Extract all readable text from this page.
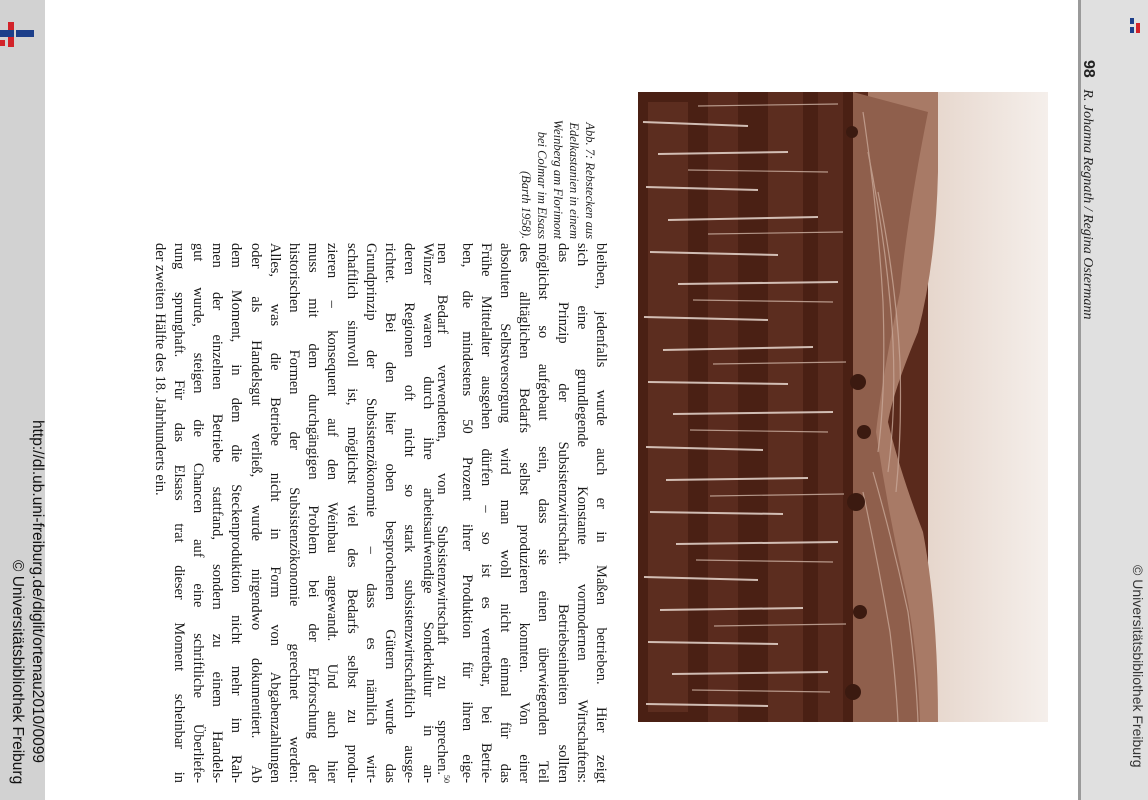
98 R. Johanna Regnath / Regina Ostermann
Abb. 7: Rebstecken aus
Edelkastanien in einem
Weinberg am Florimont
bei Colmar im Elsass
(Barth 1958).
bleiben, jedenfalls wurde auch er in Maßen betrieben. Hier zeigt
sich eine grundlegende Konstante vormodernen Wirtschaftens:
das Prinzip der Subsistenzwirtschaft. Betriebseinheiten sollten
möglichst so aufgebaut sein, dass sie einen überwiegenden Teil
des alltäglichen Bedarfs selbst produzieren konnten. Von einer
absoluten Selbstversorgung wird man wohl nicht einmal für das
Frühe Mittelalter ausgehen dürfen – so ist es vertretbar, bei Betrie-
ben, die mindestens 50 Prozent ihrer Produktion für ihren eige-
nen Bedarf verwendeten, von Subsistenzwirtschaft zu sprechen.$^{50}$
Winzer waren durch ihre arbeitsaufwendige Sonderkultur in an-
deren Regionen oft nicht so stark subsistenzwirtschaftlich ausge-
richtet. Bei den hier oben besprochenen Gütern wurde das
Grundprinzip der Subsistenzökonomie – dass es nämlich wirt-
schaftlich sinnvoll ist, möglichst viel des Bedarfs selbst zu produ-
zieren – konsequent auf den Weinbau angewandt. Und auch hier
muss mit dem durchgängigen Problem bei der Erforschung der
historischen Formen der Subsistenzökonomie gerechnet werden:
Alles, was die Betriebe nicht in Form von Abgabenzahlungen
oder als Handelsgut verließ, wurde nirgendwo dokumentiert. Ab
dem Moment, in dem die Steckenproduktion nicht mehr im Rah-
men der einzelnen Betriebe stattfand, sondern zu einem Handels-
gut wurde, steigen die Chancen auf eine schriftliche Überliefe-
rung sprunghaft. Für das Elsass trat dieser Moment scheinbar in
der zweiten Hälfte des 18. Jahrhunderts ein.
http://dl.ub.uni-freiburg.de/diglit/ortenau2010/0099
© Universitätsbibliothek Freiburg	© Universitätsbibliothek Freiburg
